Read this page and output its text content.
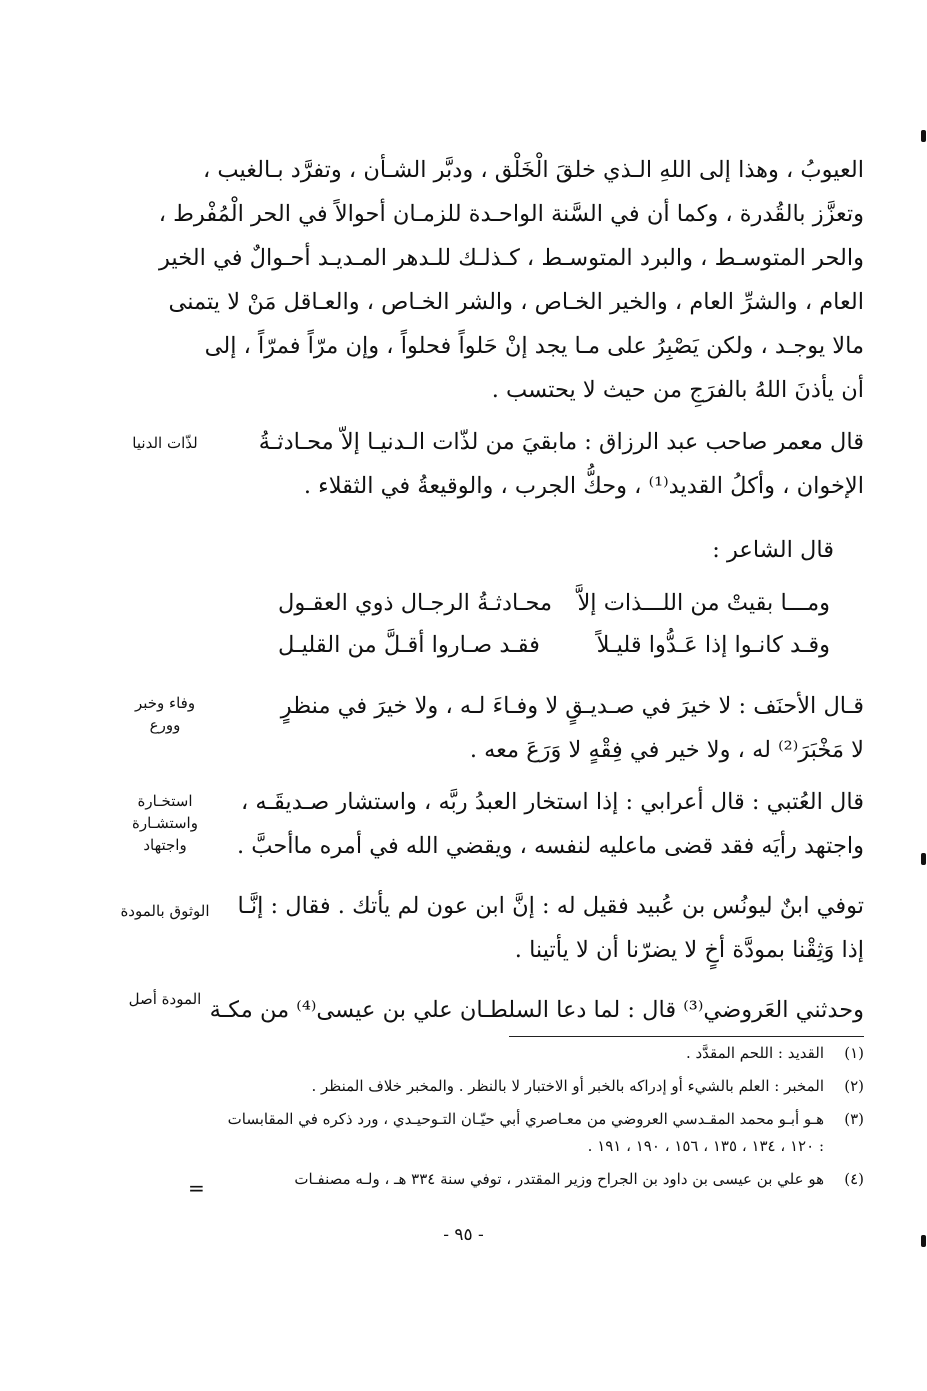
العيوبُ ، وهذا إلى اللهِ الـذي خلقَ الْخَلْق ، ودبَّر الشـأن ، وتفرَّد بـالغيب ،
وتعزَّز بالقُدرة ، وكما أن في السَّنة الواحـدة للزمـان أحوالاً في الحر الْمُفْرط ،
والحر المتوسـط ، والبرد المتوسـط ، كـذلـك للـدهر المـديـد أحـوالٌ في الخير
العام ، والشرِّ العام ، والخير الخـاص ، والشر الخـاص ، والعـاقل مَنْ لا يتمنى
مالا يوجـد ، ولكن يَصْبِرُ على مـا يجد إنْ حَلواً فحلواً ، وإن مرّاً فمرّاً ، إلى
أن يأذنَ اللهُ بالفرَجِ من حيث لا يحتسب .
لذّات الدنيا	قال معمر صاحب عبد الرزاق : مابقيَ من لذّات الـدنيـا إلاّ محـادثـةُ
الإخوان ، وأكلُ القديد⁽¹⁾ ، وحكُّ الجرب ، والوقيعةُ في الثقلاء .
قال الشاعر :
ومـــا بقيتْ من اللـــذات إلاَّ
محـادثـةُ الرجـال ذوي العقـول
وقـد كانـوا إذا عَـدُّوا قليـلاً
فقـد صـاروا أقـلَّ من القليـل
وفاء وخبر
وورع
قـال الأحنَف : لا خيرَ في صـديـقٍ لا وفـاءَ لـه ، ولا خيرَ في منظرٍ
لا مَخْبَرَ⁽²⁾ له ، ولا خير في فِقْهٍ لا وَرَعَ معه .
استخـارة
واستشـارة
واجتهاد
قال العُتبي : قال أعرابي : إذا استخار العبدُ ربَّه ، واستشار صـديقَـه ،
واجتهد رأيَه فقد قضى ماعليه لنفسه ، ويقضي الله في أمره ماأحبَّ .
الوثوق بالمودة توفي ابنٌ ليونُس بن عُبيد فقيل له : إنَّ ابن عون لم يأتك . فقال : إنَّـا
إذا وَثِقْنا بمودَّة أخٍ لا يضرّنا أن لا يأتينا .
المودة أصل وحدثني العَروضي⁽³⁾ قال : لما دعا السلطـان علي بن عيسى⁽⁴⁾ من مكـة
(١)
القديد : اللحم المقدَّد .
(٢)
المخبر : العلم بالشيء أو إدراكه بالخبر أو الاختبار لا بالنظر . والمخبر خلاف المنظر .
(٣)
هـو أبـو محمد المقـدسي العروضي من معـاصري أبي حيّـان التـوحيـدي ، ورد ذكره في المقابسات : ١٢٠ ، ١٣٤ ، ١٣٥ ، ١٥٦ ، ١٩٠ ، ١٩١ .
(٤)
هو علي بن عيسى بن داود بن الجراح وزير المقتدر ، توفي سنة ٣٣٤ هـ ، ولـه مصنفـات
=
- ٩٥ -
